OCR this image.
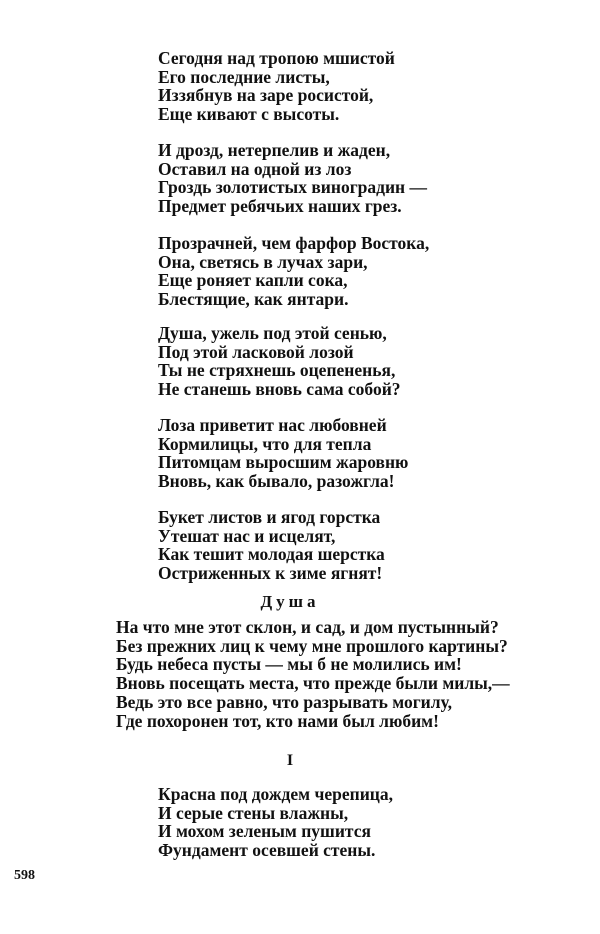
Сегодня над тропою мшистой
Его последние листы,
Иззябнув на заре росистой,
Еще кивают с высоты.
И дрозд, нетерпелив и жаден,
Оставил на одной из лоз
Гроздь золотистых виноградин —
Предмет ребячьих наших грез.
Прозрачней, чем фарфор Востока,
Она, светясь в лучах зари,
Еще роняет капли сока,
Блестящие, как янтари.
Душа, ужель под этой сенью,
Под этой ласковой лозой
Ты не стряхнешь оцепененья,
Не станешь вновь сама собой?
Лоза приветит нас любовней
Кормилицы, что для тепла
Питомцам выросшим жаровню
Вновь, как бывало, разожгла!
Букет листов и ягод горстка
Утешат нас и исцелят,
Как тешит молодая шерстка
Остриженных к зиме ягнят!
Душа
На что мне этот склон, и сад, и дом пустынный?
Без прежних лиц к чему мне прошлого картины?
Будь небеса пусты — мы б не молились им!
Вновь посещать места, что прежде были милы,—
Ведь это все равно, что разрывать могилу,
Где похоронен тот, кто нами был любим!
I
Красна под дождем черепица,
И серые стены влажны,
И мохом зеленым пушится
Фундамент осевшей стены.
598
